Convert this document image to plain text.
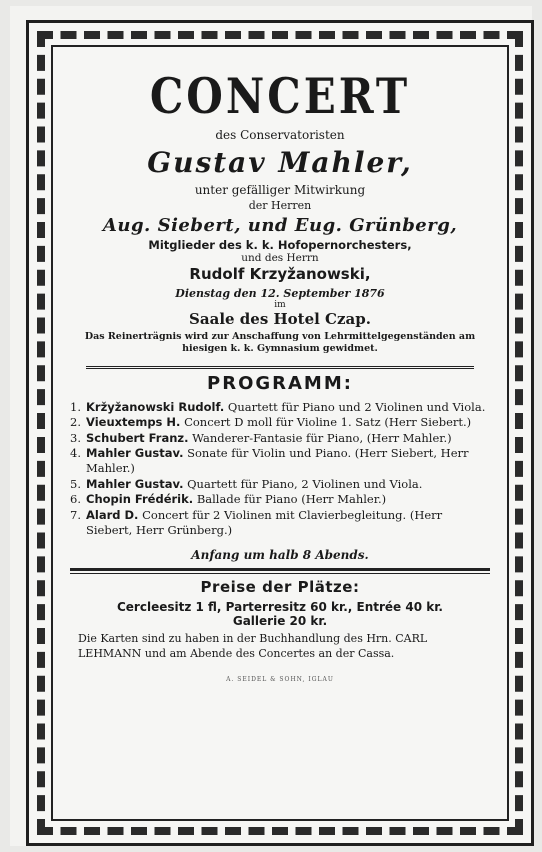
CONCERT
des Conservatoristen
Gustav Mahler,
unter gefälliger Mitwirkung
der Herren
Aug. Siebert, und Eug. Grünberg,
Mitglieder des k. k. Hofopernorchesters,
und des Herrn
Rudolf Krzyžanowski,
Dienstag den 12. September 1876
im
Saale des Hotel Czap.
Das Reinerträgnis wird zur Anschaffung von Lehrmittelgegenständen am
hiesigen k. k. Gymnasium gewidmet.
PROGRAMM:
1. Kržyžanowski Rudolf. Quartett für Piano und 2 Violinen und Viola.
2. Vieuxtemps H. Concert D moll für Violine 1. Satz (Herr Siebert.)
3. Schubert Franz. Wanderer-Fantasie für Piano, (Herr Mahler.)
4. Mahler Gustav. Sonate für Violin und Piano. (Herr Siebert, Herr Mahler.)
5. Mahler Gustav. Quartett für Piano, 2 Violinen und Viola.
6. Chopin Frédérik. Ballade für Piano (Herr Mahler.)
7. Alard D. Concert für 2 Violinen mit Clavierbegleitung. (Herr Siebert, Herr Grünberg.)
Anfang um halb 8 Abends.
Preise der Plätze:
Cercleesitz 1 fl, Parterresitz 60 kr., Entrée 40 kr.
Gallerie 20 kr.
Die Karten sind zu haben in der Buchhandlung des Hrn. CARL LEHMANN und am Abende des Concertes an der Cassa.
A. SEIDEL & SOHN, IGLAU
